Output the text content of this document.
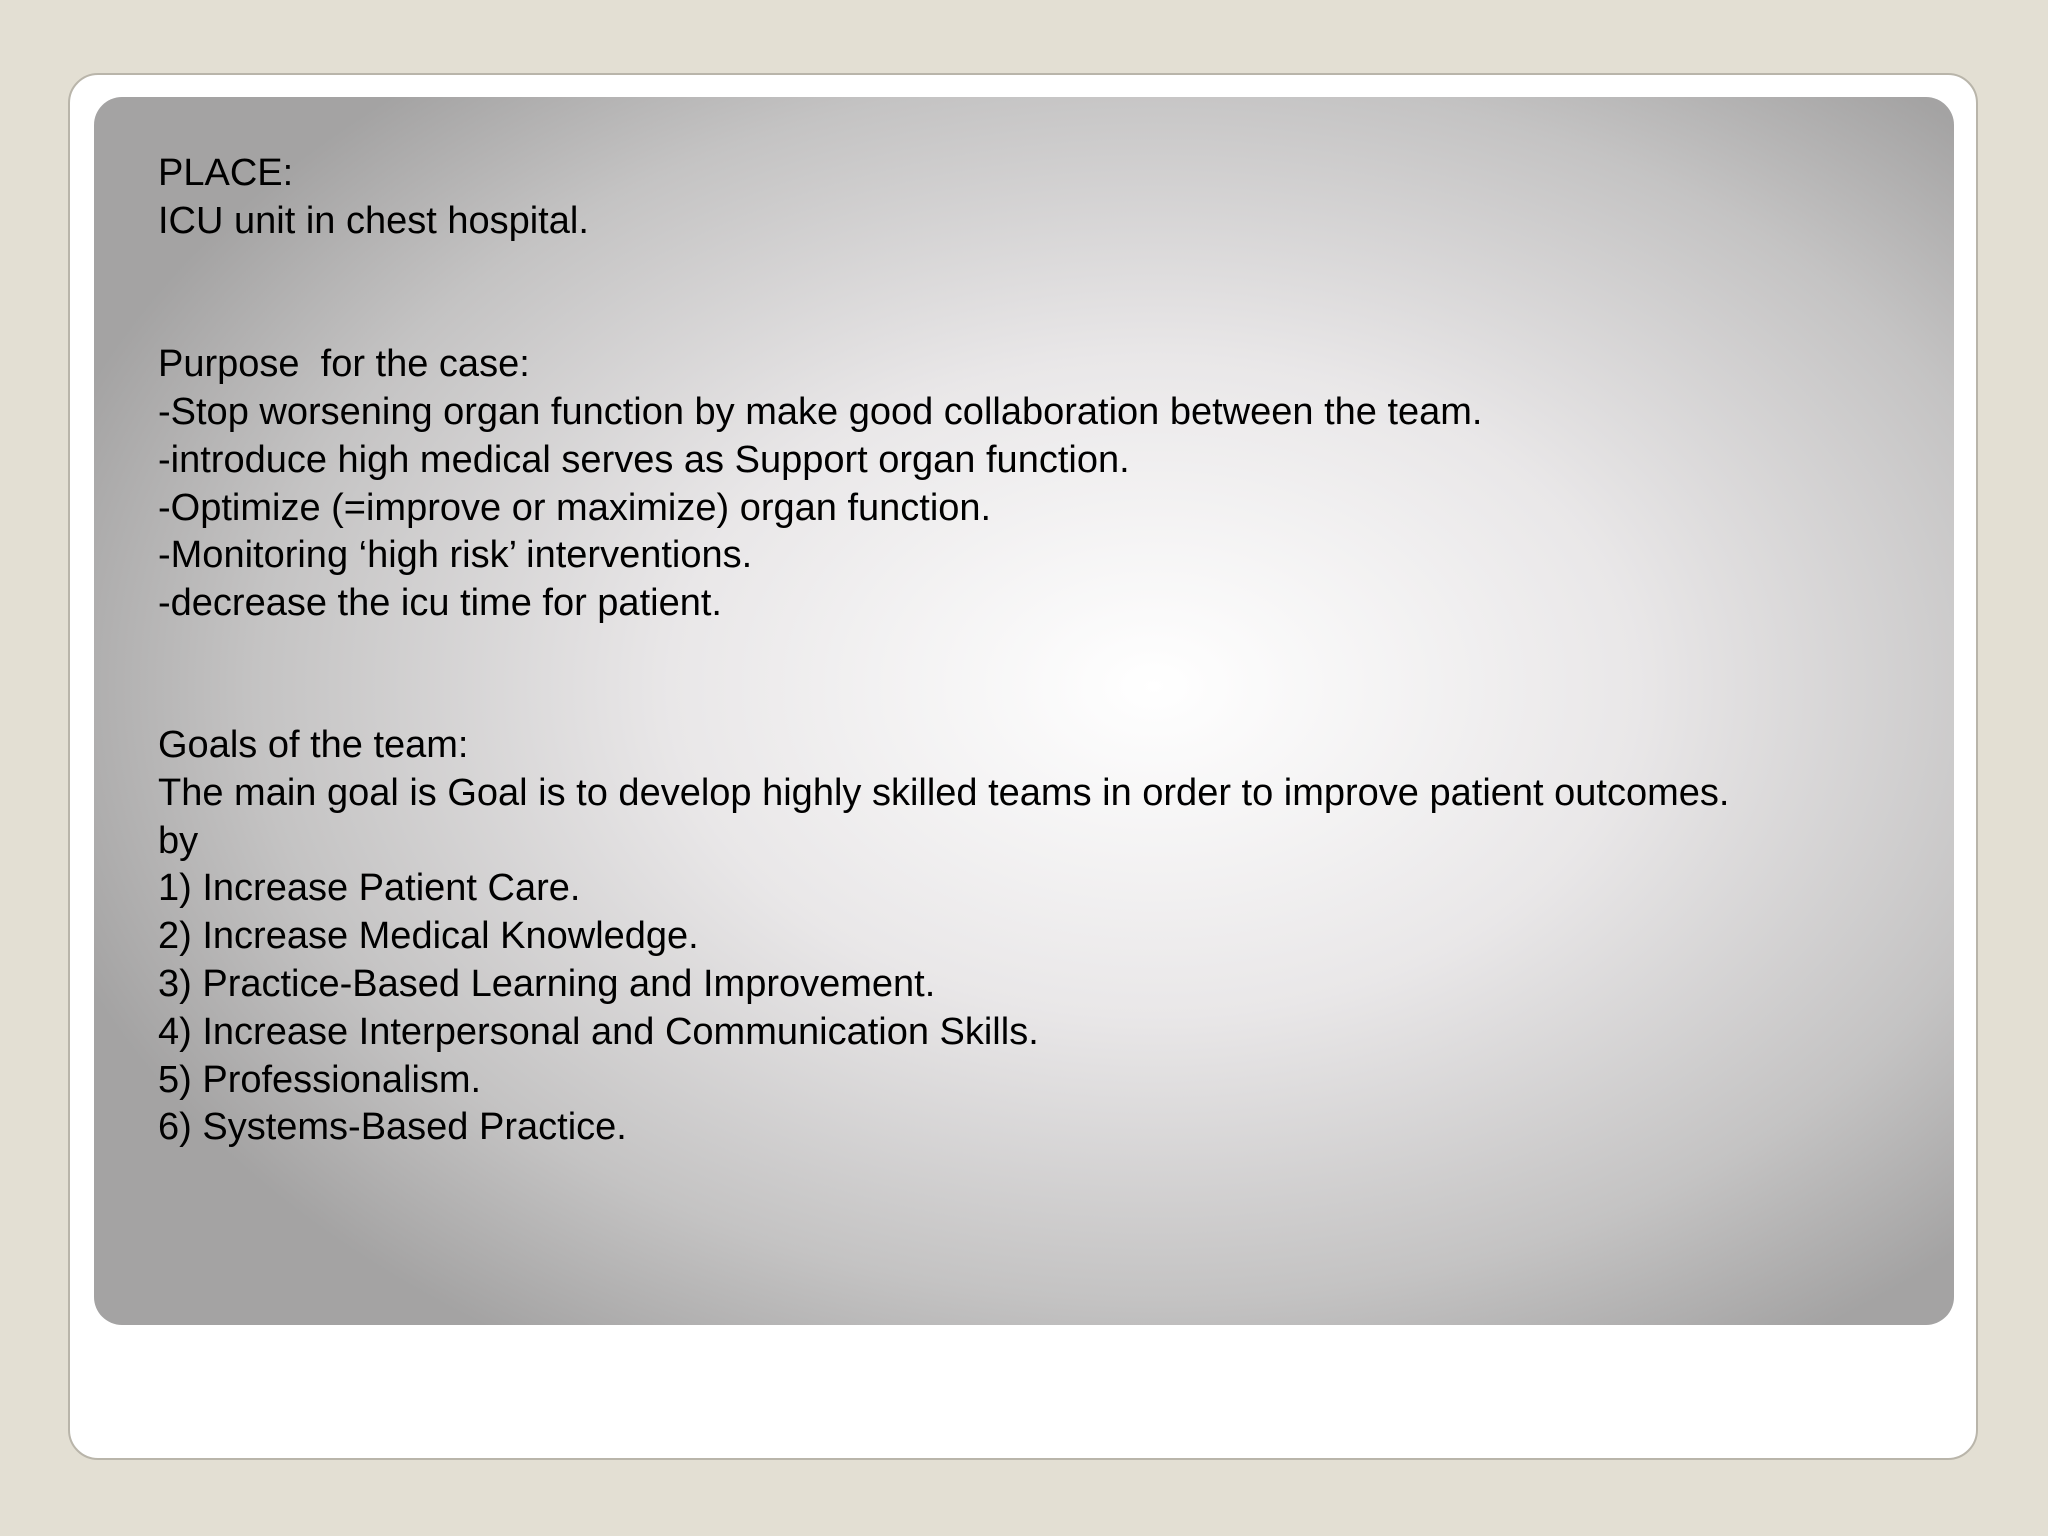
PLACE:
ICU unit in chest hospital.
Purpose  for the case:
-Stop worsening organ function by make good collaboration between the team.
-introduce high medical serves as Support organ function.
-Optimize (=improve or maximize) organ function.
-Monitoring ‘high risk’ interventions.
-decrease the icu time for patient.
Goals of the team:
The main goal is Goal is to develop highly skilled teams in order to improve patient outcomes.
by
1) Increase Patient Care.
2) Increase Medical Knowledge.
3) Practice-Based Learning and Improvement.
4) Increase Interpersonal and Communication Skills.
5) Professionalism.
6) Systems-Based Practice.
